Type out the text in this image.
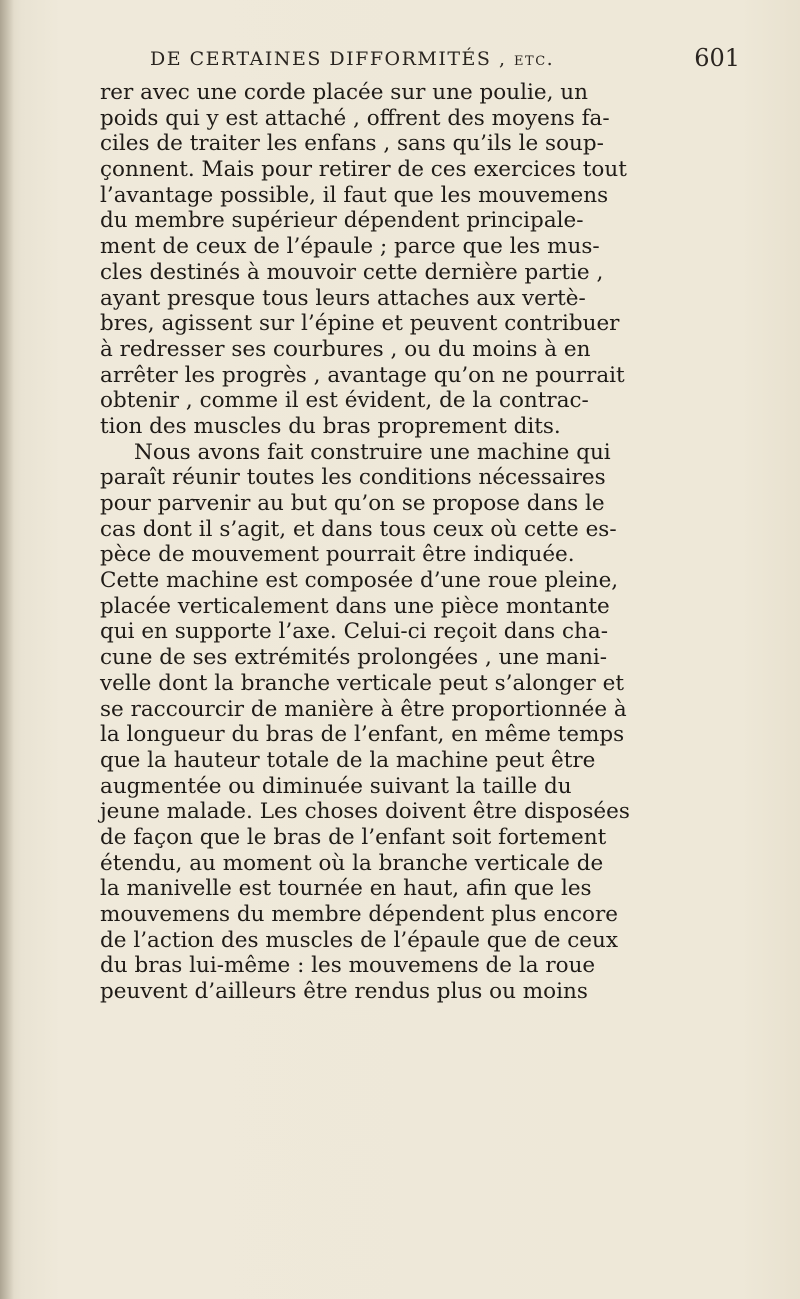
DE CERTAINES DIFFORMITÉS , etc.	601
rer avec une corde placée sur une poulie, un
poids qui y est attaché , offrent des moyens fa-
ciles de traiter les enfans , sans qu’ils le soup-
çonnent. Mais pour retirer de ces exercices tout
l’avantage possible, il faut que les mouvemens
du membre supérieur dépendent principale-
ment de ceux de l’épaule ; parce que les mus-
cles destinés à mouvoir cette dernière partie ,
ayant presque tous leurs attaches aux vertè-
bres, agissent sur l’épine et peuvent contribuer
à redresser ses courbures , ou du moins à en
arrêter les progrès , avantage qu’on ne pourrait
obtenir , comme il est évident, de la contrac-
tion des muscles du bras proprement dits.
Nous avons fait construire une machine qui
paraît réunir toutes les conditions nécessaires
pour parvenir au but qu’on se propose dans le
cas dont il s’agit, et dans tous ceux où cette es-
pèce de mouvement pourrait être indiquée.
Cette machine est composée d’une roue pleine,
placée verticalement dans une pièce montante
qui en supporte l’axe. Celui-ci reçoit dans cha-
cune de ses extrémités prolongées , une mani-
velle dont la branche verticale peut s’alonger et
se raccourcir de manière à être proportionnée à
la longueur du bras de l’enfant, en même temps
que la hauteur totale de la machine peut être
augmentée ou diminuée suivant la taille du
jeune malade. Les choses doivent être disposées
de façon que le bras de l’enfant soit fortement
étendu, au moment où la branche verticale de
la manivelle est tournée en haut, afin que les
mouvemens du membre dépendent plus encore
de l’action des muscles de l’épaule que de ceux
du bras lui-même : les mouvemens de la roue
peuvent d’ailleurs être rendus plus ou moins
